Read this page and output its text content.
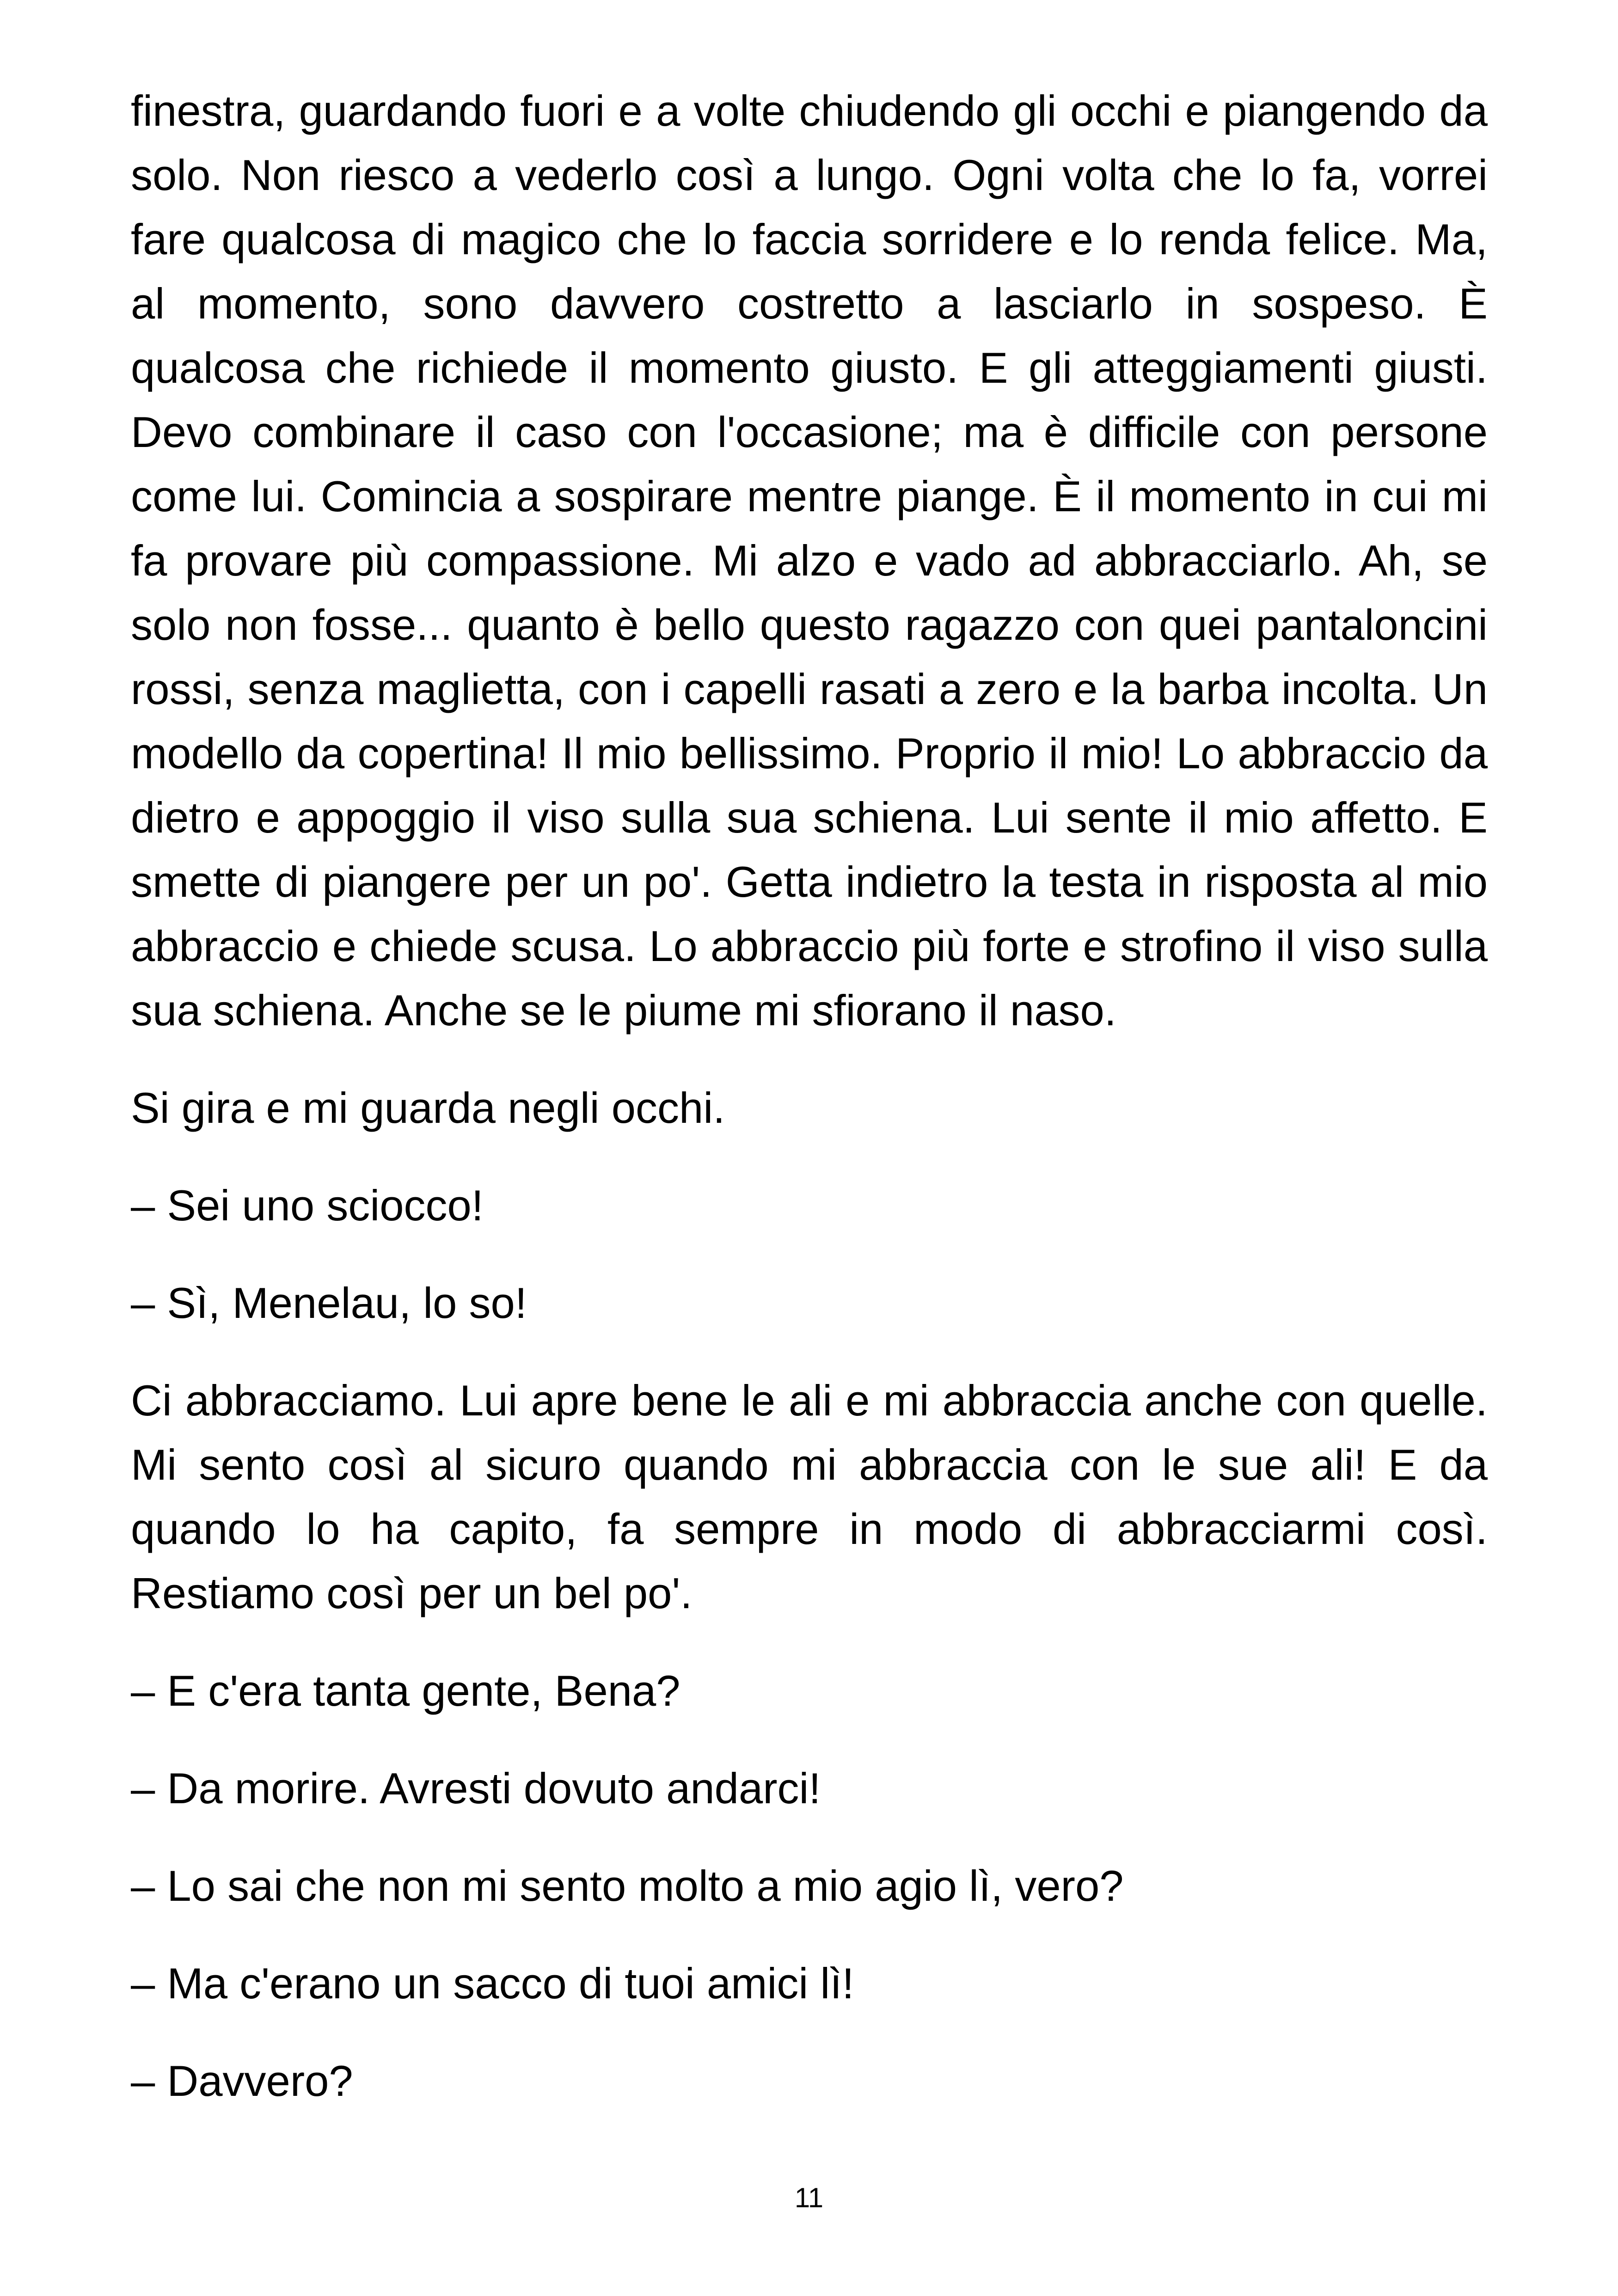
finestra, guardando fuori e a volte chiudendo gli occhi e piangendo da solo. Non riesco a vederlo così a lungo. Ogni volta che lo fa, vorrei fare qualcosa di magico che lo faccia sorridere e lo renda felice. Ma, al momento, sono davvero costretto a lasciarlo in sospeso. È qualcosa che richiede il momento giusto. E gli atteggiamenti giusti. Devo combinare il caso con l'occasione; ma è difficile con persone come lui. Comincia a sospirare mentre piange. È il momento in cui mi fa provare più compassione. Mi alzo e vado ad abbracciarlo. Ah, se solo non fosse... quanto è bello questo ragazzo con quei pantaloncini rossi, senza maglietta, con i capelli rasati a zero e la barba incolta. Un modello da copertina! Il mio bellissimo. Proprio il mio! Lo abbraccio da dietro e appoggio il viso sulla sua schiena. Lui sente il mio affetto. E smette di piangere per un po'. Getta indietro la testa in risposta al mio abbraccio e chiede scusa. Lo abbraccio più forte e strofino il viso sulla sua schiena. Anche se le piume mi sfiorano il naso.

Si gira e mi guarda negli occhi.

– Sei uno sciocco!

– Sì, Menelau, lo so!

Ci abbracciamo. Lui apre bene le ali e mi abbraccia anche con quelle. Mi sento così al sicuro quando mi abbraccia con le sue ali! E da quando lo ha capito, fa sempre in modo di abbracciarmi così. Restiamo così per un bel po'.

– E c'era tanta gente, Bena?

– Da morire. Avresti dovuto andarci!

– Lo sai che non mi sento molto a mio agio lì, vero?

– Ma c'erano un sacco di tuoi amici lì!

– Davvero?

11
